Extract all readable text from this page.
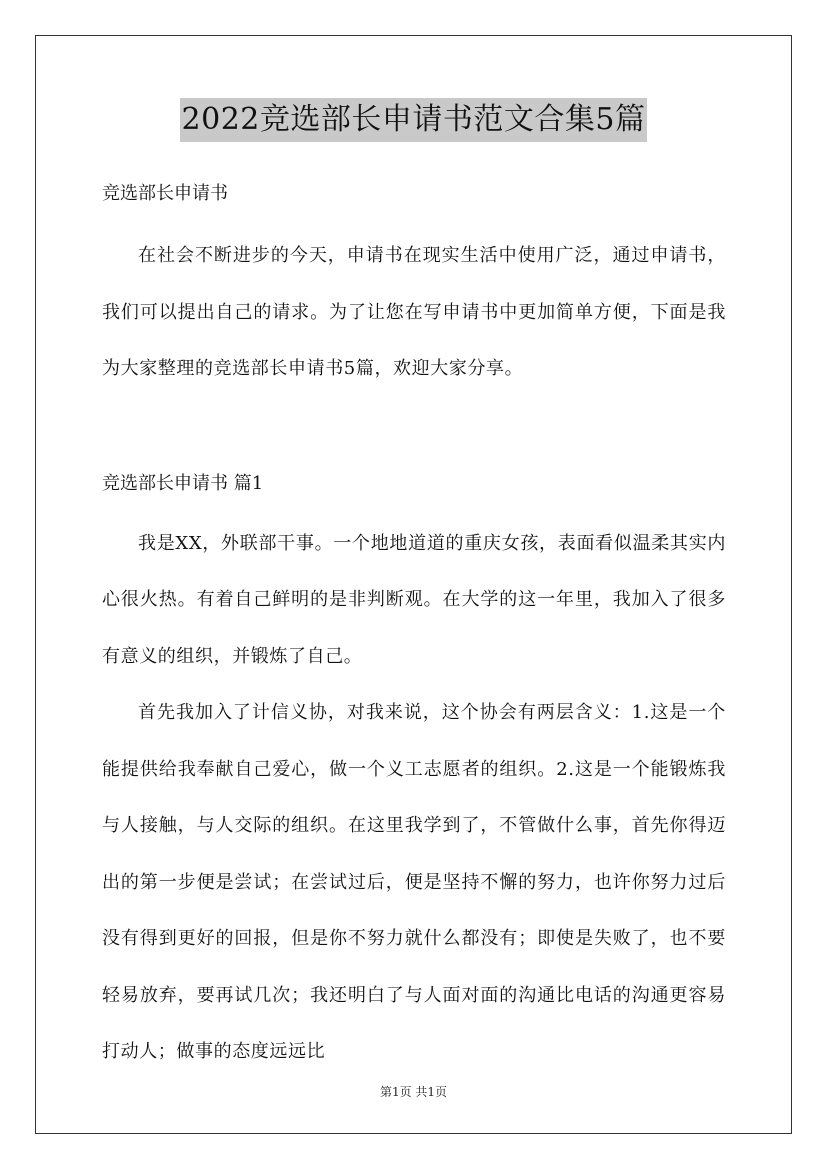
2022竞选部长申请书范文合集5篇

竞选部长申请书

在社会不断进步的今天，申请书在现实生活中使用广泛，通过申请书，我们可以提出自己的请求。为了让您在写申请书中更加简单方便，下面是我为大家整理的竞选部长申请书5篇，欢迎大家分享。

竞选部长申请书 篇1

我是XX，外联部干事。一个地地道道的重庆女孩，表面看似温柔其实内心很火热。有着自己鲜明的是非判断观。在大学的这一年里，我加入了很多有意义的组织，并锻炼了自己。

首先我加入了计信义协，对我来说，这个协会有两层含义：1.这是一个能提供给我奉献自己爱心，做一个义工志愿者的组织。2.这是一个能锻炼我与人接触，与人交际的组织。在这里我学到了，不管做什么事，首先你得迈出的第一步便是尝试；在尝试过后，便是坚持不懈的努力，也许你努力过后没有得到更好的回报，但是你不努力就什么都没有；即使是失败了，也不要轻易放弃，要再试几次；我还明白了与人面对面的沟通比电话的沟通更容易打动人；做事的态度远远比

第1页 共1页
